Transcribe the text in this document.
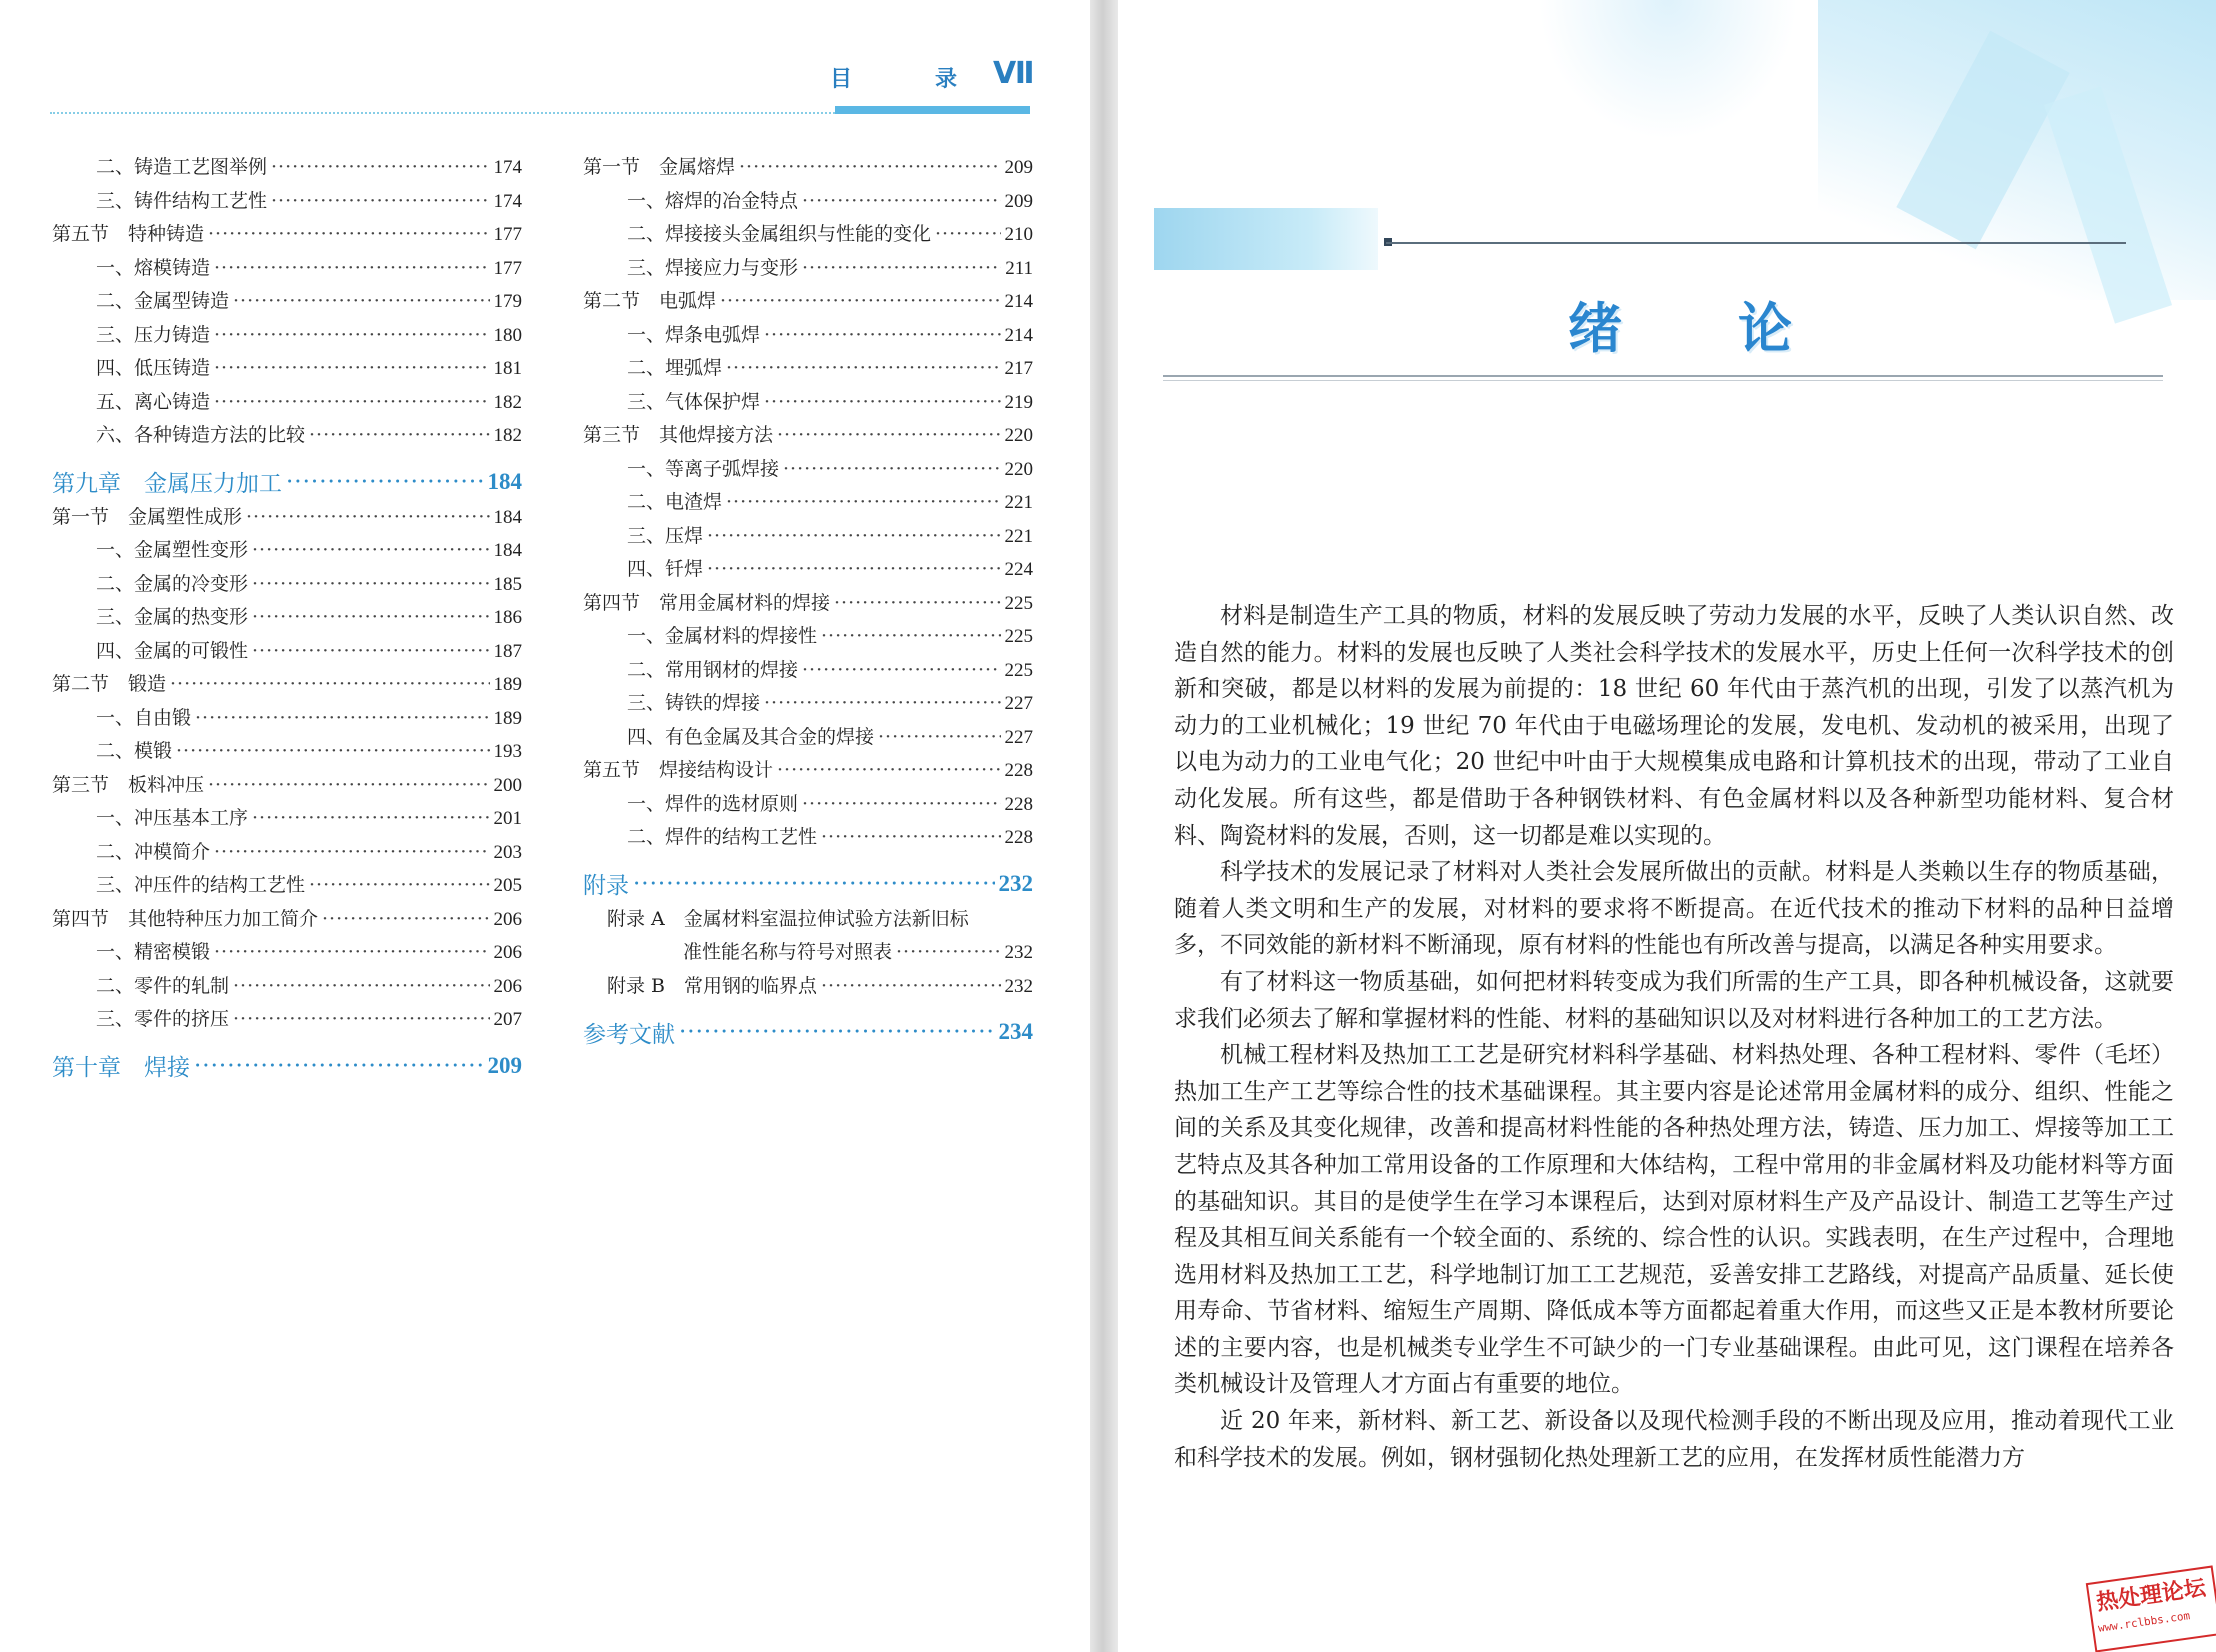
目	录 Ⅶ
二、铸造工艺图举例 ·····	174
三、铸件结构工艺性 ·····	174
第五节　特种铸造 ·····	177
一、熔模铸造 ·····	177
二、金属型铸造 ·····	179
三、压力铸造 ·····	180
四、低压铸造 ·····	181
五、离心铸造 ·····	182
六、各种铸造方法的比较 ·····	182
第九章　金属压力加工 ·····	184
第一节　金属塑性成形 ·····	184
一、金属塑性变形 ·····	184
二、金属的冷变形 ·····	185
三、金属的热变形 ·····	186
四、金属的可锻性 ·····	187
第二节　锻造 ·····	189
一、自由锻 ·····	189
二、模锻 ·····	193
第三节　板料冲压 ·····	200
一、冲压基本工序 ·····	201
二、冲模简介 ·····	203
三、冲压件的结构工艺性 ·····	205
第四节　其他特种压力加工简介 ·····	206
一、精密模锻 ·····	206
二、零件的轧制 ·····	206
三、零件的挤压 ·····	207
第十章　焊接 ·····	209
第一节　金属熔焊 ·····	209
一、熔焊的冶金特点 ·····	209
二、焊接接头金属组织与性能的变化 ·····	210
三、焊接应力与变形 ·····	211
第二节　电弧焊 ·····	214
一、焊条电弧焊 ·····	214
二、埋弧焊 ·····	217
三、气体保护焊 ·····	219
第三节　其他焊接方法 ·····	220
一、等离子弧焊接 ·····	220
二、电渣焊 ·····	221
三、压焊 ·····	221
四、钎焊 ·····	224
第四节　常用金属材料的焊接 ·····	225
一、金属材料的焊接性 ·····	225
二、常用钢材的焊接 ·····	225
三、铸铁的焊接 ·····	227
四、有色金属及其合金的焊接 ·····	227
第五节　焊接结构设计 ·····	228
一、焊件的选材原则 ·····	228
二、焊件的结构工艺性 ·····	228
附录 ·····	232
附录 A　金属材料室温拉伸试验方法新旧标
　　　　准性能名称与符号对照表 ·····	232
附录 B　常用钢的临界点 ·····	232
参考文献 ·····	234
绪 论

材料是制造生产工具的物质，材料的发展反映了劳动力发展的水平，反映了人类认识自然、改造自然的能力。材料的发展也反映了人类社会科学技术的发展水平，历史上任何一次科学技术的创新和突破，都是以材料的发展为前提的：18 世纪 60 年代由于蒸汽机的出现，引发了以蒸汽机为动力的工业机械化；19 世纪 70 年代由于电磁场理论的发展，发电机、发动机的被采用，出现了以电为动力的工业电气化；20 世纪中叶由于大规模集成电路和计算机技术的出现，带动了工业自动化发展。所有这些，都是借助于各种钢铁材料、有色金属材料以及各种新型功能材料、复合材料、陶瓷材料的发展，否则，这一切都是难以实现的。

科学技术的发展记录了材料对人类社会发展所做出的贡献。材料是人类赖以生存的物质基础，随着人类文明和生产的发展，对材料的要求将不断提高。在近代技术的推动下材料的品种日益增多，不同效能的新材料不断涌现，原有材料的性能也有所改善与提高，以满足各种实用要求。

有了材料这一物质基础，如何把材料转变成为我们所需的生产工具，即各种机械设备，这就要求我们必须去了解和掌握材料的性能、材料的基础知识以及对材料进行各种加工的工艺方法。

机械工程材料及热加工工艺是研究材料科学基础、材料热处理、各种工程材料、零件（毛坯）热加工生产工艺等综合性的技术基础课程。其主要内容是论述常用金属材料的成分、组织、性能之间的关系及其变化规律，改善和提高材料性能的各种热处理方法，铸造、压力加工、焊接等加工工艺特点及其各种加工常用设备的工作原理和大体结构，工程中常用的非金属材料及功能材料等方面的基础知识。其目的是使学生在学习本课程后，达到对原材料生产及产品设计、制造工艺等生产过程及其相互间关系能有一个较全面的、系统的、综合性的认识。实践表明，在生产过程中，合理地选用材料及热加工工艺，科学地制订加工工艺规范，妥善安排工艺路线，对提高产品质量、延长使用寿命、节省材料、缩短生产周期、降低成本等方面都起着重大作用，而这些又正是本教材所要论述的主要内容，也是机械类专业学生不可缺少的一门专业基础课程。由此可见，这门课程在培养各类机械设计及管理人才方面占有重要的地位。

近 20 年来，新材料、新工艺、新设备以及现代检测手段的不断出现及应用，推动着现代工业和科学技术的发展。例如，钢材强韧化热处理新工艺的应用，在发挥材质性能潜力方

热处理论坛
www.rclbbs.com
